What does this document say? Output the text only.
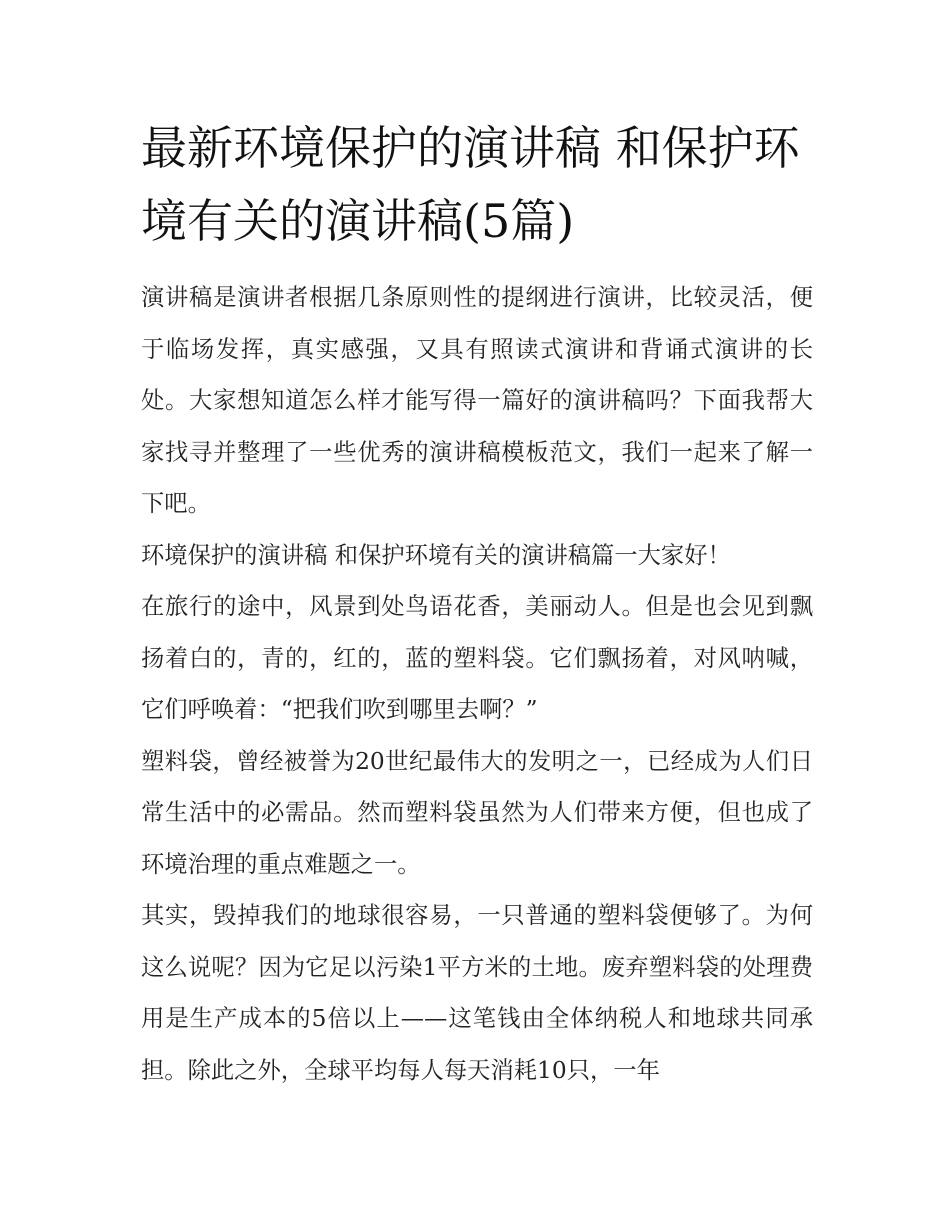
最新环境保护的演讲稿 和保护环境有关的演讲稿(5篇)

演讲稿是演讲者根据几条原则性的提纲进行演讲，比较灵活，便于临场发挥，真实感强，又具有照读式演讲和背诵式演讲的长处。大家想知道怎么样才能写得一篇好的演讲稿吗？下面我帮大家找寻并整理了一些优秀的演讲稿模板范文，我们一起来了解一下吧。

环境保护的演讲稿 和保护环境有关的演讲稿篇一大家好！

在旅行的途中，风景到处鸟语花香，美丽动人。但是也会见到飘扬着白的，青的，红的，蓝的塑料袋。它们飘扬着，对风呐喊，它们呼唤着：“把我们吹到哪里去啊？”

塑料袋，曾经被誉为20世纪最伟大的发明之一，已经成为人们日常生活中的必需品。然而塑料袋虽然为人们带来方便，但也成了环境治理的重点难题之一。

其实，毁掉我们的地球很容易，一只普通的塑料袋便够了。为何这么说呢？因为它足以污染1平方米的土地。废弃塑料袋的处理费用是生产成本的5倍以上——这笔钱由全体纳税人和地球共同承担。除此之外，全球平均每人每天消耗10只，一年
